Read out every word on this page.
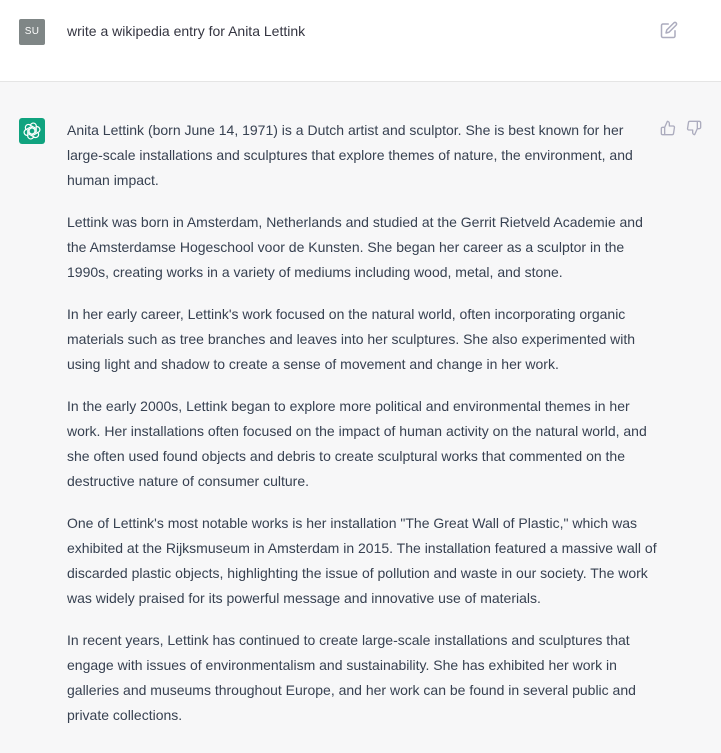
SU	write a wikipedia entry for Anita Lettink

Anita Lettink (born June 14, 1971) is a Dutch artist and sculptor. She is best known for her large-scale installations and sculptures that explore themes of nature, the environment, and human impact.

Lettink was born in Amsterdam, Netherlands and studied at the Gerrit Rietveld Academie and the Amsterdamse Hogeschool voor de Kunsten. She began her career as a sculptor in the 1990s, creating works in a variety of mediums including wood, metal, and stone.

In her early career, Lettink's work focused on the natural world, often incorporating organic materials such as tree branches and leaves into her sculptures. She also experimented with using light and shadow to create a sense of movement and change in her work.

In the early 2000s, Lettink began to explore more political and environmental themes in her work. Her installations often focused on the impact of human activity on the natural world, and she often used found objects and debris to create sculptural works that commented on the destructive nature of consumer culture.

One of Lettink's most notable works is her installation "The Great Wall of Plastic," which was exhibited at the Rijksmuseum in Amsterdam in 2015. The installation featured a massive wall of discarded plastic objects, highlighting the issue of pollution and waste in our society. The work was widely praised for its powerful message and innovative use of materials.

In recent years, Lettink has continued to create large-scale installations and sculptures that engage with issues of environmentalism and sustainability. She has exhibited her work in galleries and museums throughout Europe, and her work can be found in several public and private collections.
